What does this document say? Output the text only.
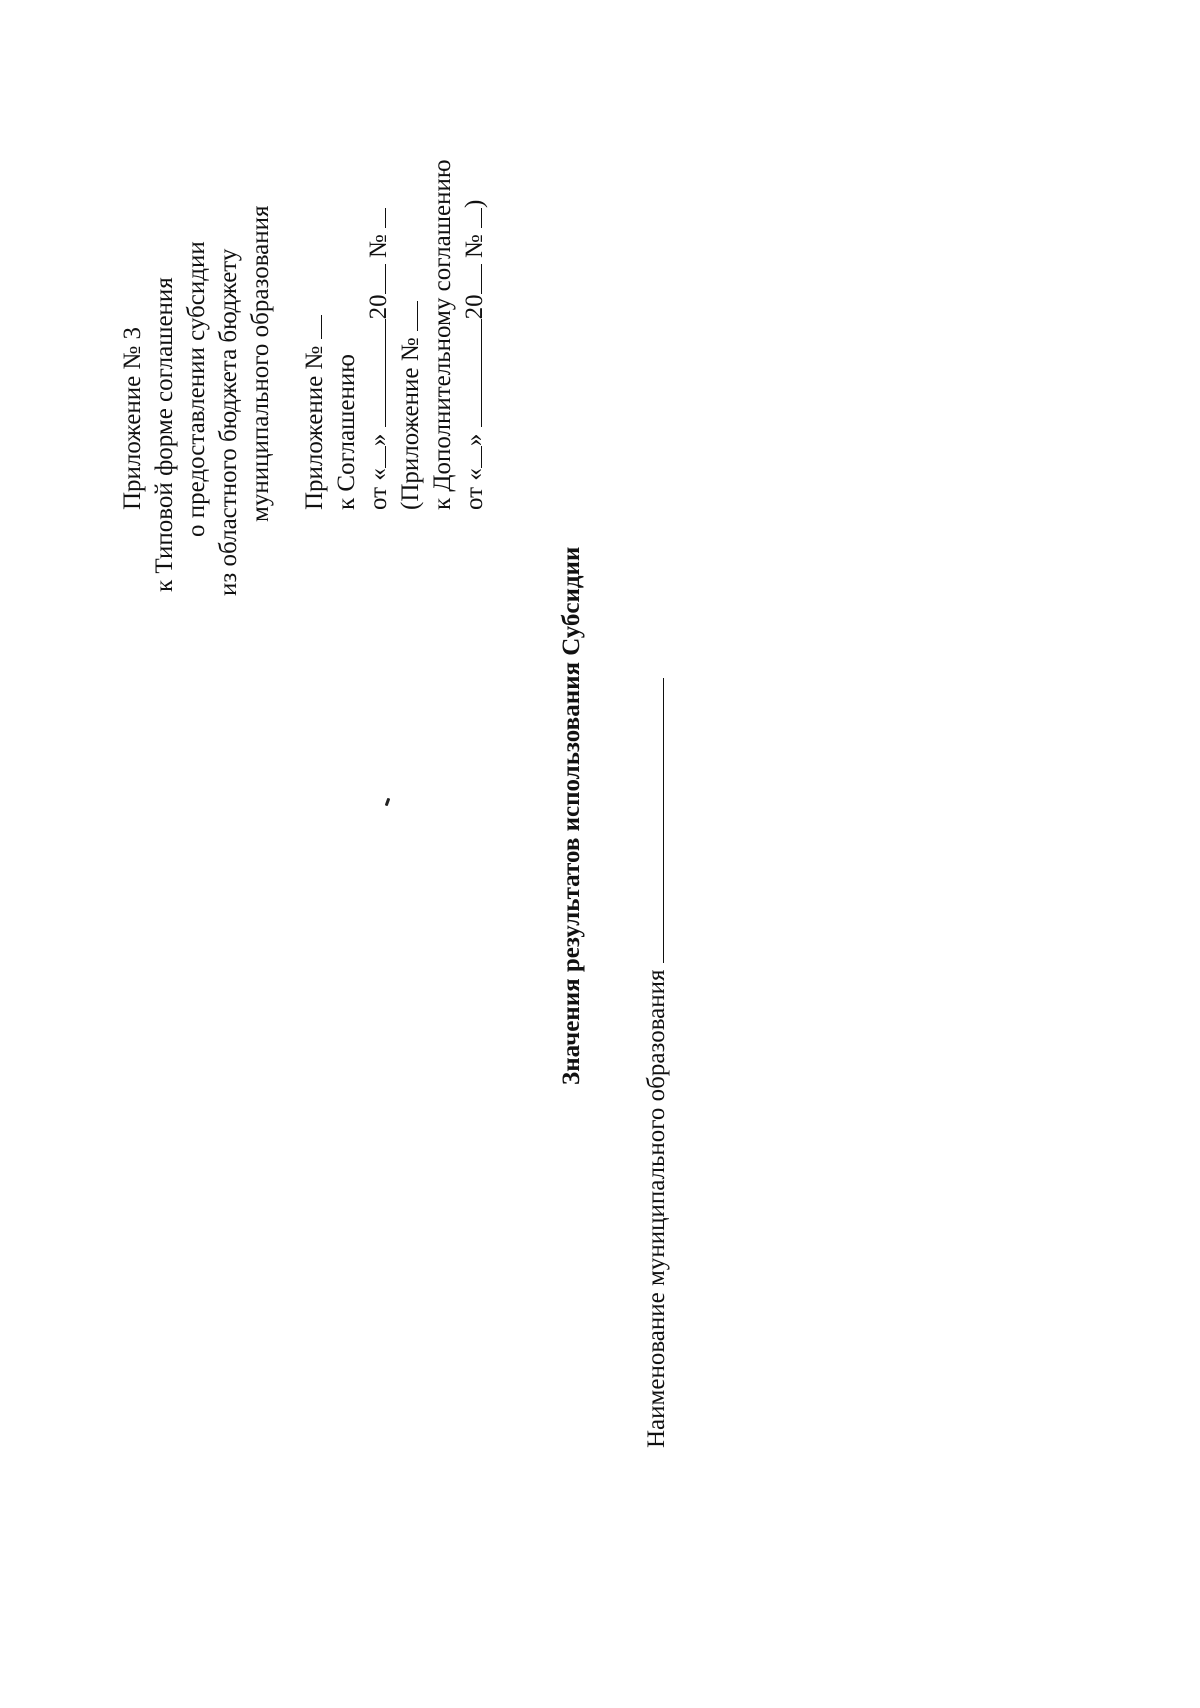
Приложение № 3 к Типовой форме соглашения о предоставлении субсидии из областного бюджета бюджету муниципального образования Приложение № к Соглашению от «» 20 №
(Приложение № к Дополнительному соглашению от «» 20 № )
Значения результатов использования Субсидии
Наименование муниципального образования
